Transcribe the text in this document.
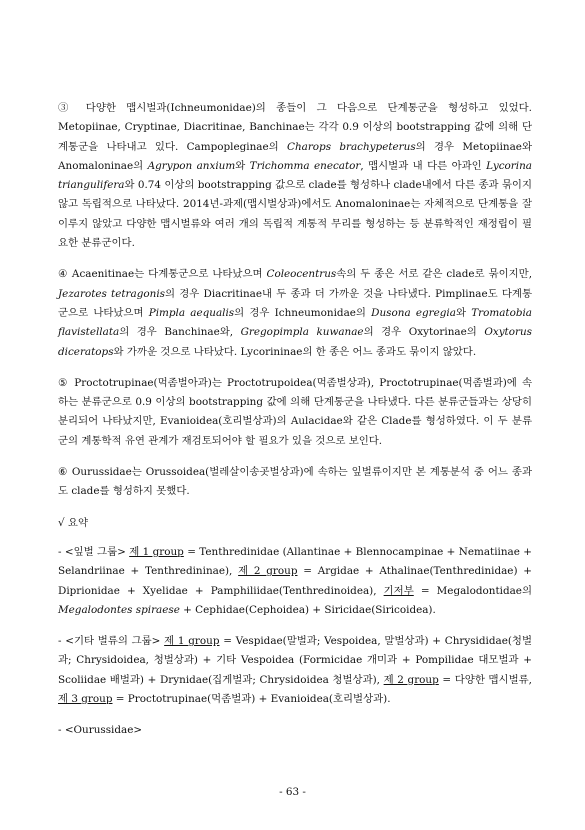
③ 다양한 맵시벌과(Ichneumonidae)의 종들이 그 다음으로 단계통군을 형성하고 있었다. Metopiinae, Cryptinae, Diacritinae, Banchinae는 각각 0.9 이상의 bootstrapping 값에 의해 단계통군을 나타내고 있다. Campopleginae의 Charops brachypeterus의 경우 Metopiinae와 Anomaloninae의 Agrypon anxium와 Trichomma enecator, 맵시벌과 내 다른 아과인 Lycorina triangulifera와 0.74 이상의 bootstrapping 값으로 clade를 형성하나 clade내에서 다른 종과 묶이지 않고 독립적으로 나타났다. 2014년-과제(맵시벌상과)에서도 Anomaloninae는 자체적으로 단계통을 잘 이루지 않았고 다양한 맵시벌류와 여러 개의 독립적 계통적 무리를 형성하는 등 분류학적인 재정립이 필요한 분류군이다.

④ Acaenitinae는 다계통군으로 나타났으며 Coleocentrus속의 두 종은 서로 같은 clade로 묶이지만, Jezarotes tetragonis의 경우 Diacritinae내 두 종과 더 가까운 것을 나타냈다. Pimplinae도 다계통군으로 나타났으며 Pimpla aequalis의 경우 Ichneumonidae의 Dusona egregia와 Tromatobia flavistellata의 경우 Banchinae와, Gregopimpla kuwanae의 경우 Oxytorinae의 Oxytorus diceratops와 가까운 것으로 나타났다. Lycorininae의 한 종은 어느 종과도 묶이지 않았다.

⑤ Proctotrupinae(먹좀벌아과)는 Proctotrupoidea(먹좀벌상과), Proctotrupinae(먹좀벌과)에 속하는 분류군으로 0.9 이상의 bootstrapping 값에 의해 단계통군을 나타냈다. 다른 분류군들과는 상당히 분리되어 나타났지만, Evanioidea(호리벌상과)의 Aulacidae와 같은 Clade를 형성하였다. 이 두 분류군의 계통학적 유연 관계가 재검토되어야 할 필요가 있을 것으로 보인다.

⑥ Ourussidae는 Orussoidea(벌레살이송곳벌상과)에 속하는 잎벌류이지만 본 계통분석 중 어느 종과도 clade를 형성하지 못했다.

√ 요약

- <잎벌 그룹> 제 1 group = Tenthredinidae (Allantinae + Blennocampinae + Nematiinae + Selandriinae + Tenthredininae), 제 2 group = Argidae + Athalinae(Tenthredinidae) + Diprionidae + Xyelidae + Pamphiliidae(Tenthredinoidea), 기저부 = Megalodontidae의 Megalodontes spiraese + Cephidae(Cephoidea) + Siricidae(Siricoidea).

- <기타 벌류의 그룹> 제 1 group = Vespidae(말벌과; Vespoidea, 말벌상과) + Chrysididae(청벌과; Chrysidoidea, 청벌상과) + 기타 Vespoidea (Formicidae 개미과 + Pompilidae 대모벌과 + Scoliidae 배벌과) + Drynidae(집게벌과; Chrysidoidea 청벌상과), 제 2 group = 다양한 맵시벌류, 제 3 group = Proctotrupinae(먹좀벌과) + Evanioidea(호리벌상과).

- <Ourussidae>

- 63 -
